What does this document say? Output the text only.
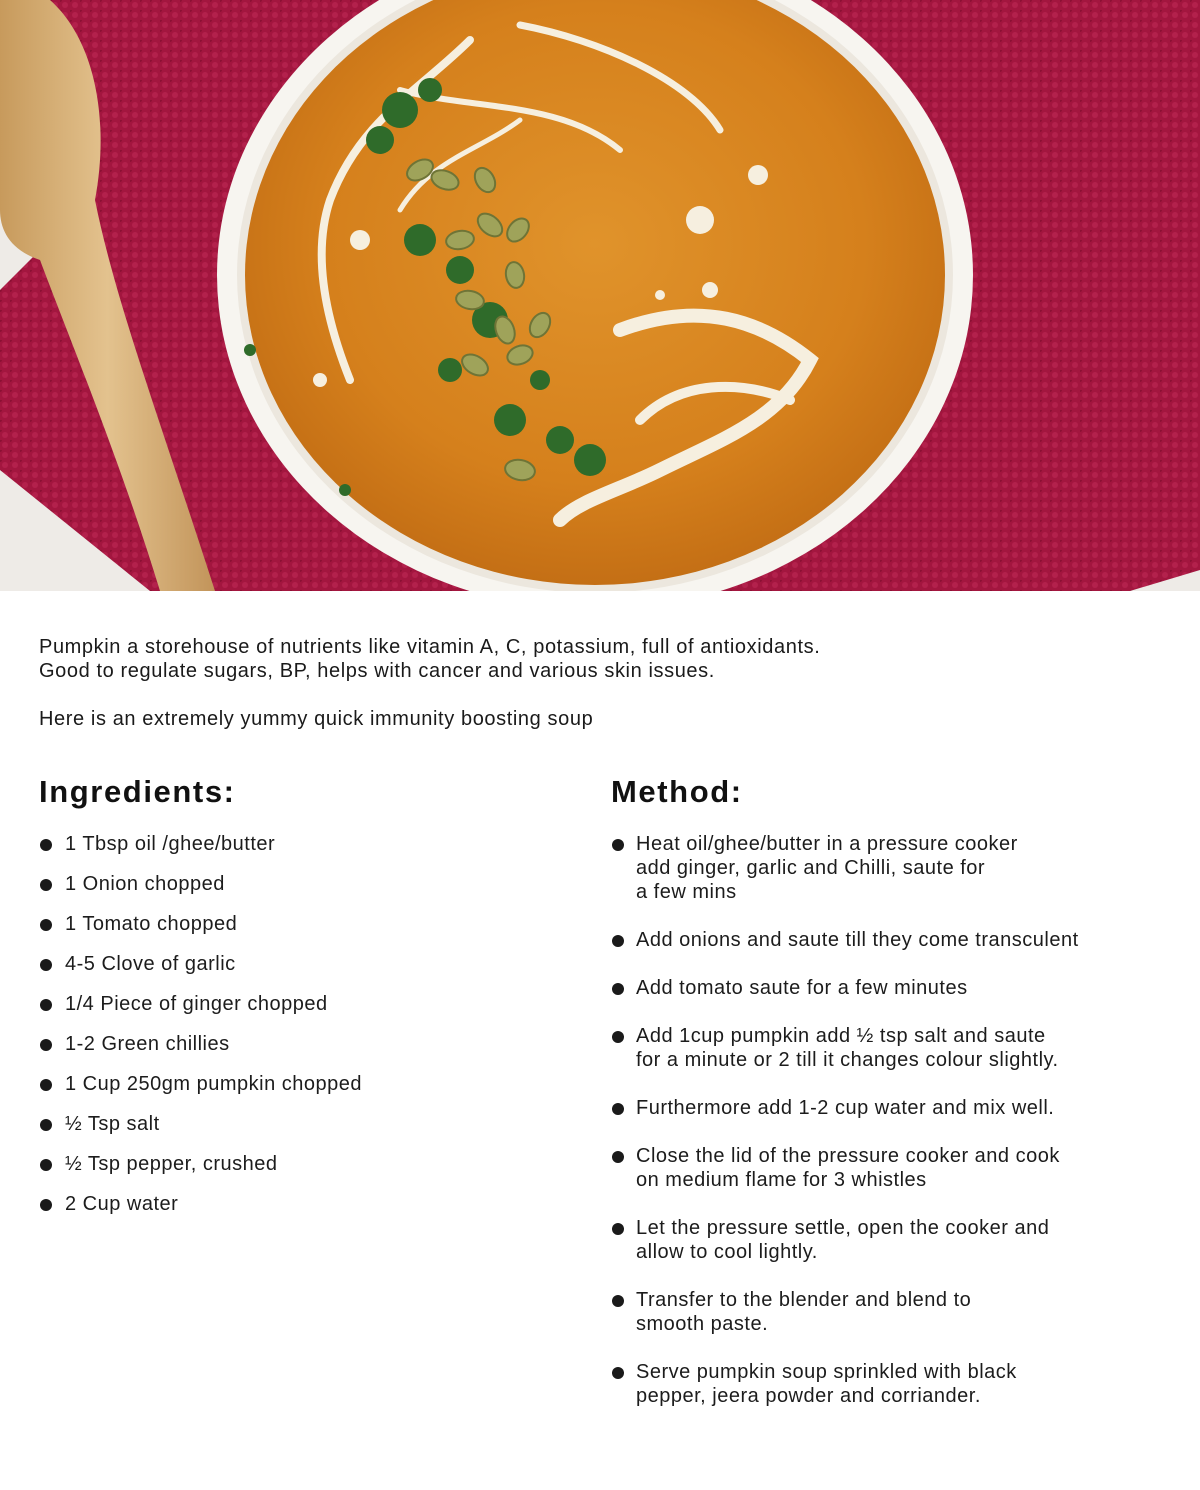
Pumpkin a storehouse of nutrients like vitamin A, C, potassium, full of antioxidants.
Good to regulate sugars, BP, helps with cancer and various skin issues.

Here is an extremely yummy quick immunity boosting soup

Ingredients:
1 Tbsp oil /ghee/butter
1 Onion chopped
1 Tomato chopped
4-5 Clove of garlic
1/4 Piece of ginger chopped
1-2 Green chillies
1 Cup 250gm pumpkin chopped
½ Tsp salt
½ Tsp pepper, crushed
2 Cup water
Method:
Heat oil/ghee/butter in a pressure cooker
add ginger, garlic and Chilli, saute for
a few mins
Add onions and saute till they come transculent
Add tomato saute for a few minutes
Add 1cup pumpkin add ½ tsp salt and saute
for a minute or 2 till it changes colour slightly.
Furthermore add 1-2 cup water and mix well.
Close the lid of the pressure cooker and cook
on medium flame for 3 whistles
Let the pressure settle, open the cooker and
allow to cool lightly.
Transfer to the blender and blend to
smooth paste.
Serve pumpkin soup sprinkled with black
pepper, jeera powder and corriander.
